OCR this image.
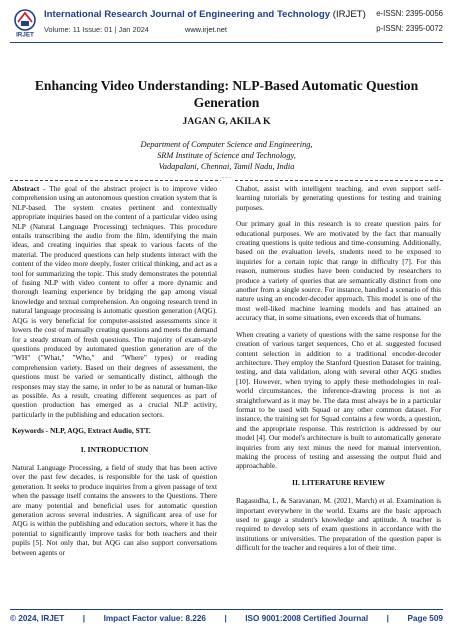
IRJET
International Research Journal of Engineering and Technology (IRJET) e-ISSN: 2395-0056
Volume: 11 Issue: 01 | Jan 2024	www.irjet.net	p-ISSN: 2395-0072
Enhancing Video Understanding: NLP-Based Automatic Question Generation
JAGAN G, AKILA K
Department of Computer Science and Engineering,
SRM Institute of Science and Technology,
Vadapalani, Chennai, Tamil Nadu, India
***

Abstract - The goal of the abstract project is to improve video comprehension using an autonomous question creation system that is NLP-based. The system creates pertinent and contextually appropriate inquiries based on the content of a particular video using NLP (Natural Language Processing) techniques. This procedure entails transcribing the audio from the film, identifying the main ideas, and creating inquiries that speak to various facets of the material. The produced questions can help students interact with the content of the video more deeply, foster critical thinking, and act as a tool for summarizing the topic. This study demonstrates the potential of fusing NLP with video content to offer a more dynamic and thorough learning experience by bridging the gap among visual knowledge and textual comprehension. An ongoing research trend in natural language processing is automatic question generation (AQG). AQG is very beneficial for computer-assisted assessments since it lowers the cost of manually creating questions and meets the demand for a steady stream of fresh questions. The majority of exam-style questions produced by automated question generation are of the "WH" ("What," "Who," and "Where" types) or reading comprehension variety. Based on their degrees of assessment, the questions must be varied or semantically distinct, although the responses may stay the same, in order to be as natural or human-like as possible. As a result, creating different sequences as part of question production has emerged as a crucial NLP activity, particularly in the publishing and education sectors.

Keywords - NLP, AQG, Extract Audio, STT.

I. INTRODUCTION

Natural Language Processing, a field of study that has been active over the past few decades, is responsible for the task of question generation. It seeks to produce inquiries from a given passage of text when the passage itself contains the answers to the Questions. There are many potential and beneficial uses for automatic question generation across several industries. A significant area of use for AQG is within the publishing and education sectors, where it has the potential to significantly improve tasks for both teachers and their pupils [5]. Not only that, but AQG can also support conversations between agents or

Chabot, assist with intelligent teaching, and even support self-learning tutorials by generating questions for testing and training purposes.

Our primary goal in this research is to create question pairs for educational purposes. We are motivated by the fact that manually creating questions is quite tedious and time-consuming. Additionally, based on the evaluation levels, students need to be exposed to inquiries for a certain topic that range in difficulty [7]. For this reason, numerous studies have been conducted by researchers to produce a variety of queries that are semantically distinct from one another from a single source. For instance, handled a scenario of this nature using an encoder-decoder approach. This model is one of the most well-liked machine learning models and has attained an accuracy that, in some situations, even exceeds that of humans.

When creating a variety of questions with the same response for the creation of various target sequences, Cho et al. suggested focused content selection in addition to a traditional encoder-decoder architecture. They employ the Stanford Question Dataset for training, testing, and data validation, along with several other AQG studies [10]. However, when trying to apply these methodologies in real-world circumstances, the inference-drawing process is not as straightforward as it may be. The data must always be in a particular format to be used with Squad or any other common dataset. For instance, the training set for Squad contains a few words, a question, and the appropriate response. This restriction is addressed by our model [4]. Our model's architecture is built to automatically generate inquiries from any text minus the need for manual intervention, making the process of testing and assessing the output fluid and approachable.

II. LITERATURE REVIEW

Ragasudha, I., & Saravanan, M. (2021, March) et al. Examination is important everywhere in the world. Exams are the basic approach used to gauge a student's knowledge and aptitude. A teacher is required to develop sets of exam questions in accordance with the institutions or universities. The preparation of the question paper is difficult for the teacher and requires a lot of their time.

© 2024, IRJET | Impact Factor value: 8.226 | ISO 9001:2008 Certified Journal | Page 509
